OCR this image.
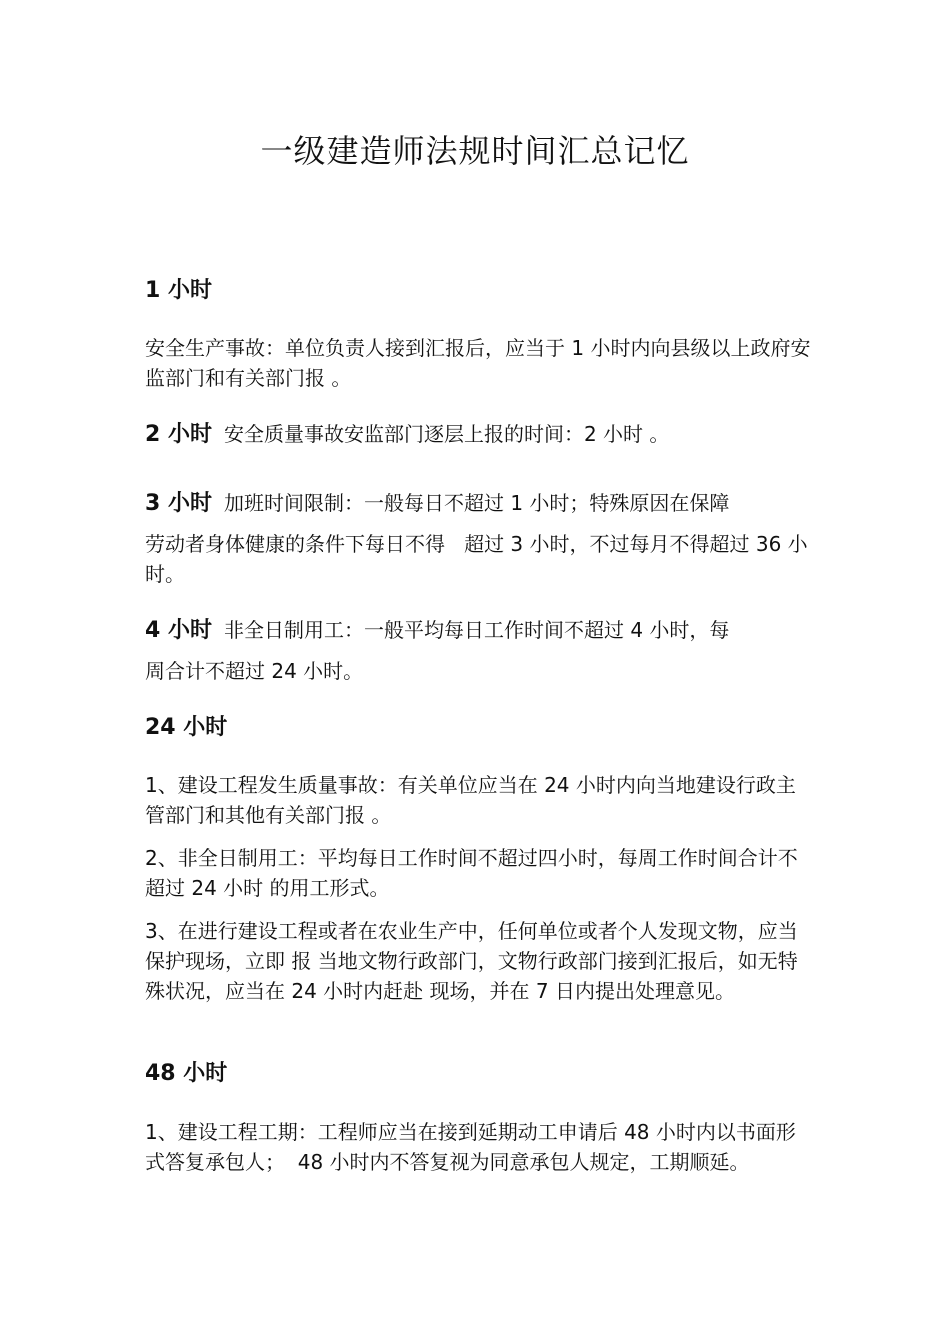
一级建造师法规时间汇总记忆
1 小时
安全生产事故：单位负责人接到汇报后，应当于 1 小时内向县级以上政府安监部门和有关部门报 。
2 小时 安全质量事故安监部门逐层上报的时间：2 小时 。
3 小时 加班时间限制：一般每日不超过 1 小时；特殊原因在保障
劳动者身体健康的条件下每日不得   超过 3 小时，不过每月不得超过 36 小时。
4 小时 非全日制用工：一般平均每日工作时间不超过 4 小时，每
周合计不超过 24 小时。
24 小时
1、建设工程发生质量事故：有关单位应当在 24 小时内向当地建设行政主管部门和其他有关部门报 。
2、非全日制用工：平均每日工作时间不超过四小时，每周工作时间合计不超过 24 小时 的用工形式。
3、在进行建设工程或者在农业生产中，任何单位或者个人发现文物，应当保护现场，立即 报 当地文物行政部门，文物行政部门接到汇报后，如无特殊状况，应当在 24 小时内赶赴 现场，并在 7 日内提出处理意见。
48 小时
1、建设工程工期：工程师应当在接到延期动工申请后 48 小时内以书面形式答复承包人；  48 小时内不答复视为同意承包人规定，工期顺延。
